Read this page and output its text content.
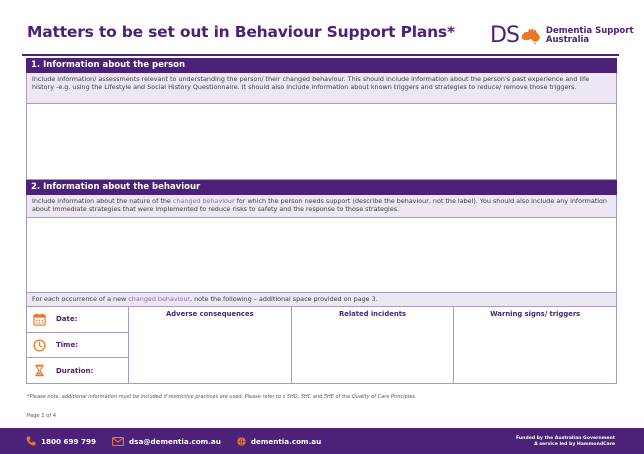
Matters to be set out in Behaviour Support Plans* DS	Dementia Support
Australia
1. Information about the person
Include information/ assessments relevant to understanding the person/ their changed behaviour. This should include information about the person's past experience and life history -e.g. using the Lifestyle and Social History Questionnaire. It should also include information about known triggers and strategies to reduce/ remove those triggers.
2. Information about the behaviour
Include information about the nature of the changed behaviour for which the person needs support (describe the behaviour, not the label). You should also include any information about immediate strategies that were implemented to reduce risks to safety and the response to those strategies.
For each occurrence of a new changed behaviour, note the following – additional space provided on page 3.
Date:
Time:
Duration:
Adverse consequences	Related incidents	Warning signs/ triggers
*Please note, additional information must be included if restrictive practices are used. Please refer to s 5HD, 5HC and 5HE of the Quality of Care Principles.
Page 1 of 4
1800 699 799	dsa@dementia.com.au	dementia.com.au	Funded by the Australian Government
A service led by HammondCare
